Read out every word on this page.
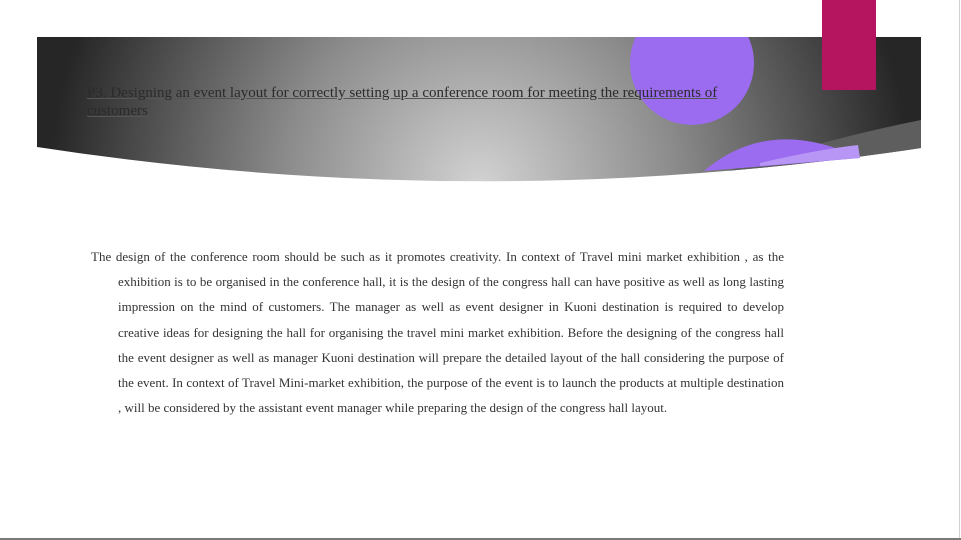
P3. Designing an event layout for correctly setting up a conference room for meeting the requirements of customers

The design of the conference room should be such as it promotes creativity. In context of Travel mini market exhibition , as the exhibition is to be organised in the conference hall, it is the design of the congress hall can have positive as well as long lasting impression on the mind of customers. The manager as well as event designer in Kuoni destination is required to develop creative ideas for designing the hall for organising the travel mini market exhibition. Before the designing of the congress hall the event designer as well as manager Kuoni destination will prepare the detailed layout of the hall considering the purpose of the event. In context of Travel Mini-market exhibition, the purpose of the event is to launch the products at multiple destination , will be considered by the assistant event manager while preparing the design of the congress hall layout.
